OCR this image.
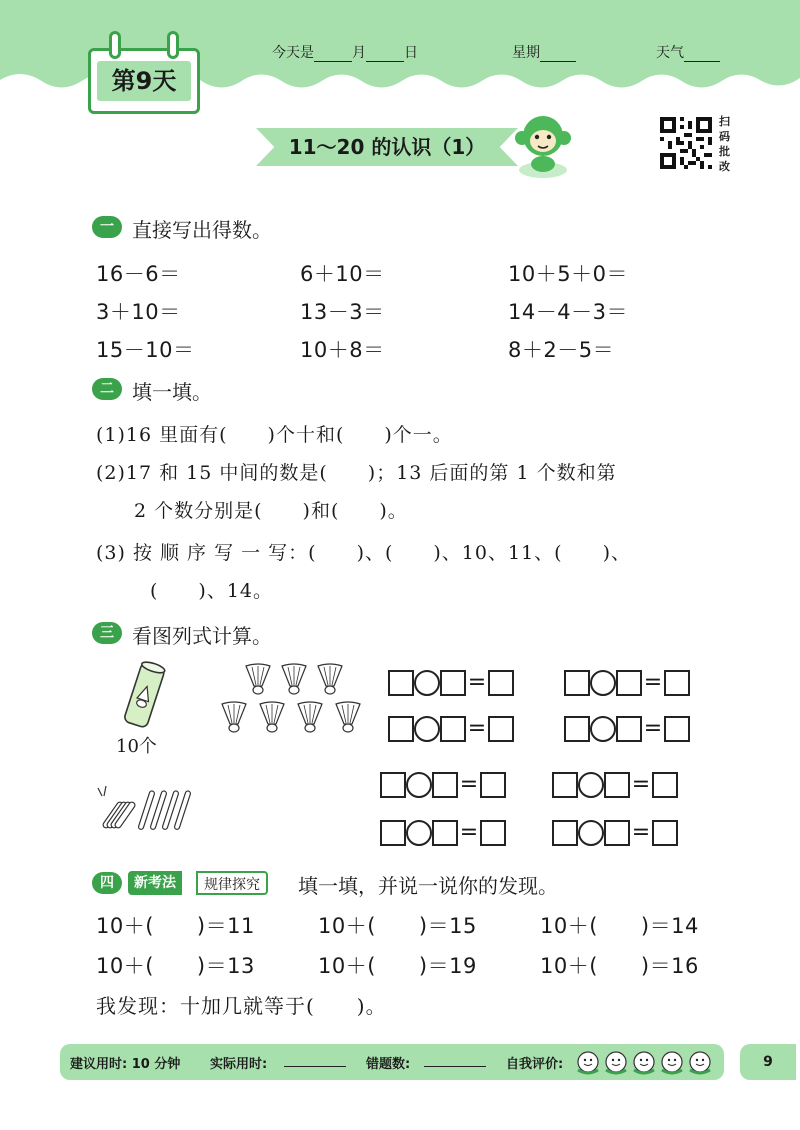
第9天
今天是	月	日	星期	天气
11～20 的认识（1）
扫
码
批
改
一 直接写出得数。
16－6＝	6＋10＝	10＋5＋0＝
3＋10＝	13－3＝	14－4－3＝
15－10＝	10＋8＝	8＋2－5＝
二 填一填。
(1)16 里面有(　　)个十和(　　)个一。
(2)17 和 15 中间的数是(　　)；13 后面的第 1 个数和第
2 个数分别是(　　)和(　　)。
(3) 按 顺 序 写 一 写：(　　)、(　　)、10、11、(　　)、
(　　)、14。
三 看图列式计算。
10个
=	=
=	=
=	=
=	=
四	新考法	规律探究	填一填，并说一说你的发现。
10＋(　　)＝11	10＋(　　)＝15	10＋(　　)＝14
10＋(　　)＝13	10＋(　　)＝19	10＋(　　)＝16
我发现：十加几就等于(　　)。
建议用时: 10 分钟 实际用时:	错题数:	自我评价:	9
